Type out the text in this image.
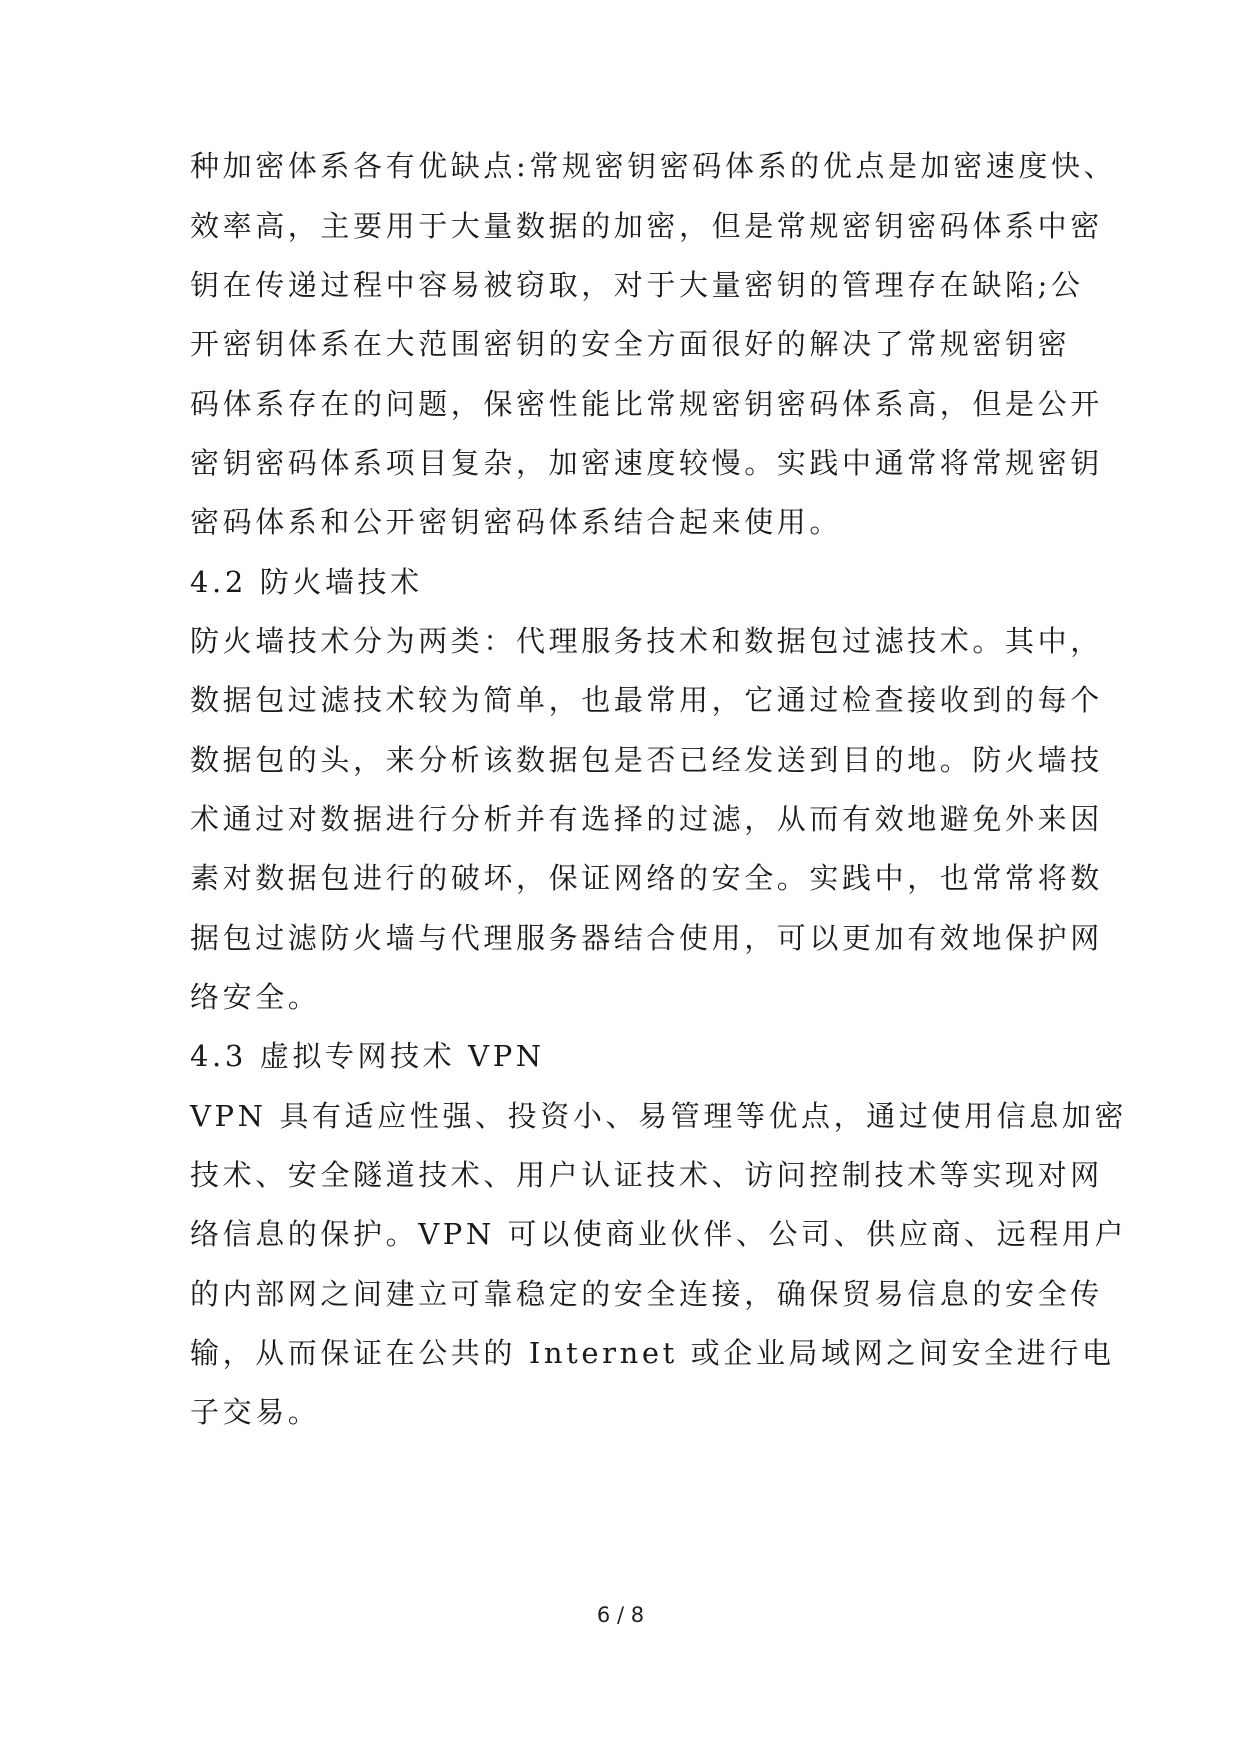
种加密体系各有优缺点:常规密钥密码体系的优点是加密速度快、
效率高，主要用于大量数据的加密，但是常规密钥密码体系中密
钥在传递过程中容易被窃取，对于大量密钥的管理存在缺陷;公
开密钥体系在大范围密钥的安全方面很好的解决了常规密钥密
码体系存在的问题，保密性能比常规密钥密码体系高，但是公开
密钥密码体系项目复杂，加密速度较慢。实践中通常将常规密钥
密码体系和公开密钥密码体系结合起来使用。
4.2 防火墙技术
防火墙技术分为两类：代理服务技术和数据包过滤技术。其中，
数据包过滤技术较为简单，也最常用，它通过检查接收到的每个
数据包的头，来分析该数据包是否已经发送到目的地。防火墙技
术通过对数据进行分析并有选择的过滤，从而有效地避免外来因
素对数据包进行的破坏，保证网络的安全。实践中，也常常将数
据包过滤防火墙与代理服务器结合使用，可以更加有效地保护网
络安全。
4.3 虚拟专网技术 VPN
VPN 具有适应性强、投资小、易管理等优点，通过使用信息加密
技术、安全隧道技术、用户认证技术、访问控制技术等实现对网
络信息的保护。VPN 可以使商业伙伴、公司、供应商、远程用户
的内部网之间建立可靠稳定的安全连接，确保贸易信息的安全传
输，从而保证在公共的 Internet 或企业局域网之间安全进行电
子交易。
6 / 8
